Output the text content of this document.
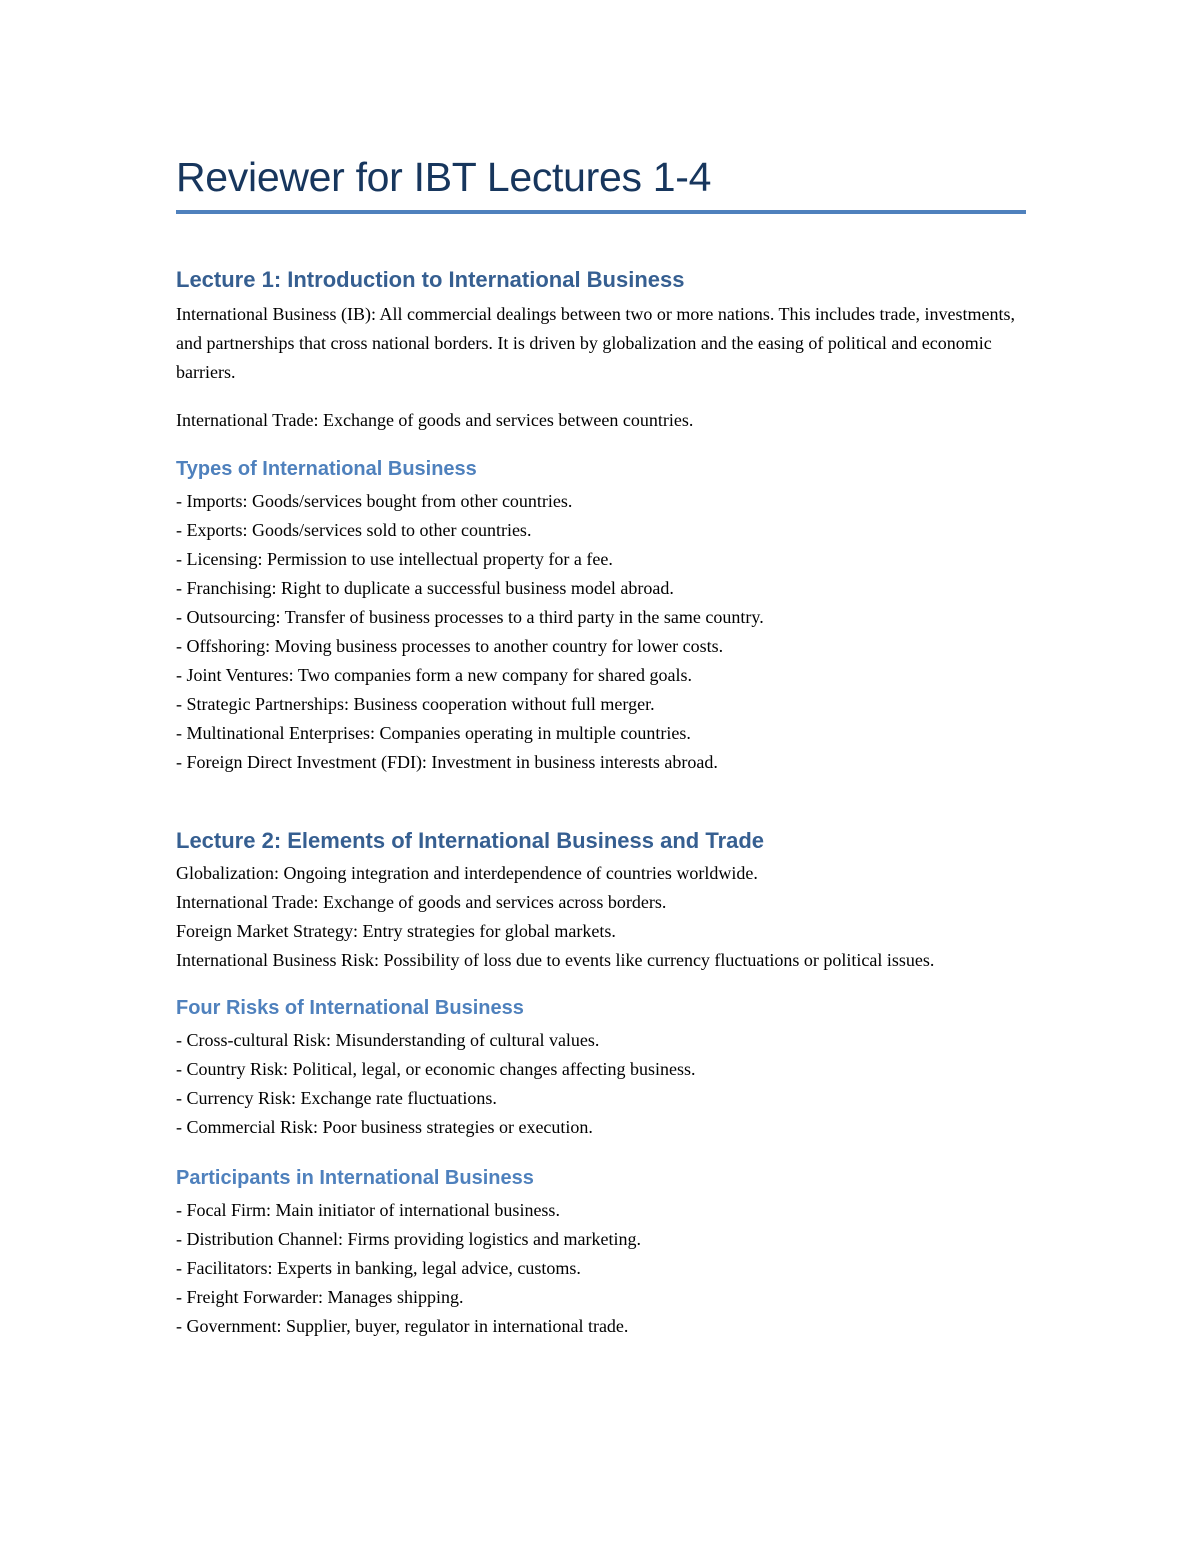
Reviewer for IBT Lectures 1-4
Lecture 1: Introduction to International Business

International Business (IB): All commercial dealings between two or more nations. This includes trade, investments, and partnerships that cross national borders. It is driven by globalization and the easing of political and economic barriers.

International Trade: Exchange of goods and services between countries.

Types of International Business
- Imports: Goods/services bought from other countries.
- Exports: Goods/services sold to other countries.
- Licensing: Permission to use intellectual property for a fee.
- Franchising: Right to duplicate a successful business model abroad.
- Outsourcing: Transfer of business processes to a third party in the same country.
- Offshoring: Moving business processes to another country for lower costs.
- Joint Ventures: Two companies form a new company for shared goals.
- Strategic Partnerships: Business cooperation without full merger.
- Multinational Enterprises: Companies operating in multiple countries.
- Foreign Direct Investment (FDI): Investment in business interests abroad.
Lecture 2: Elements of International Business and Trade

Globalization: Ongoing integration and interdependence of countries worldwide.

International Trade: Exchange of goods and services across borders.

Foreign Market Strategy: Entry strategies for global markets.

International Business Risk: Possibility of loss due to events like currency fluctuations or political issues.

Four Risks of International Business
- Cross-cultural Risk: Misunderstanding of cultural values.
- Country Risk: Political, legal, or economic changes affecting business.
- Currency Risk: Exchange rate fluctuations.
- Commercial Risk: Poor business strategies or execution.
Participants in International Business
- Focal Firm: Main initiator of international business.
- Distribution Channel: Firms providing logistics and marketing.
- Facilitators: Experts in banking, legal advice, customs.
- Freight Forwarder: Manages shipping.
- Government: Supplier, buyer, regulator in international trade.
